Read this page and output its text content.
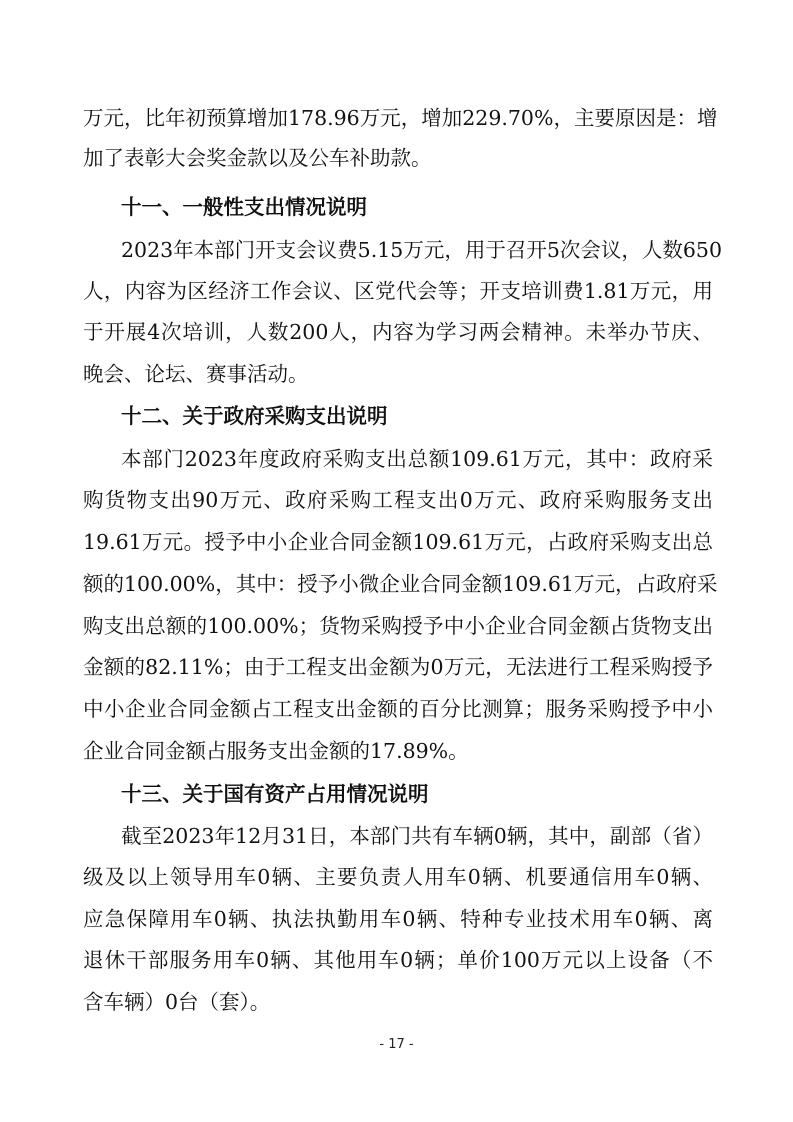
万元，比年初预算增加178.96万元，增加229.70%，主要原因是：增
加了表彰大会奖金款以及公车补助款。
十一、一般性支出情况说明
2023年本部门开支会议费5.15万元，用于召开5次会议，人数650
人，内容为区经济工作会议、区党代会等；开支培训费1.81万元，用
于开展4次培训，人数200人，内容为学习两会精神。未举办节庆、
晚会、论坛、赛事活动。
十二、关于政府采购支出说明
本部门2023年度政府采购支出总额109.61万元，其中：政府采
购货物支出90万元、政府采购工程支出0万元、政府采购服务支出
19.61万元。授予中小企业合同金额109.61万元，占政府采购支出总
额的100.00%，其中：授予小微企业合同金额109.61万元，占政府采
购支出总额的100.00%；货物采购授予中小企业合同金额占货物支出
金额的82.11%；由于工程支出金额为0万元，无法进行工程采购授予
中小企业合同金额占工程支出金额的百分比测算；服务采购授予中小
企业合同金额占服务支出金额的17.89%。
十三、关于国有资产占用情况说明
截至2023年12月31日，本部门共有车辆0辆，其中，副部（省）
级及以上领导用车0辆、主要负责人用车0辆、机要通信用车0辆、
应急保障用车0辆、执法执勤用车0辆、特种专业技术用车0辆、离
退休干部服务用车0辆、其他用车0辆；单价100万元以上设备（不
含车辆）0台（套）。
- 17 -
